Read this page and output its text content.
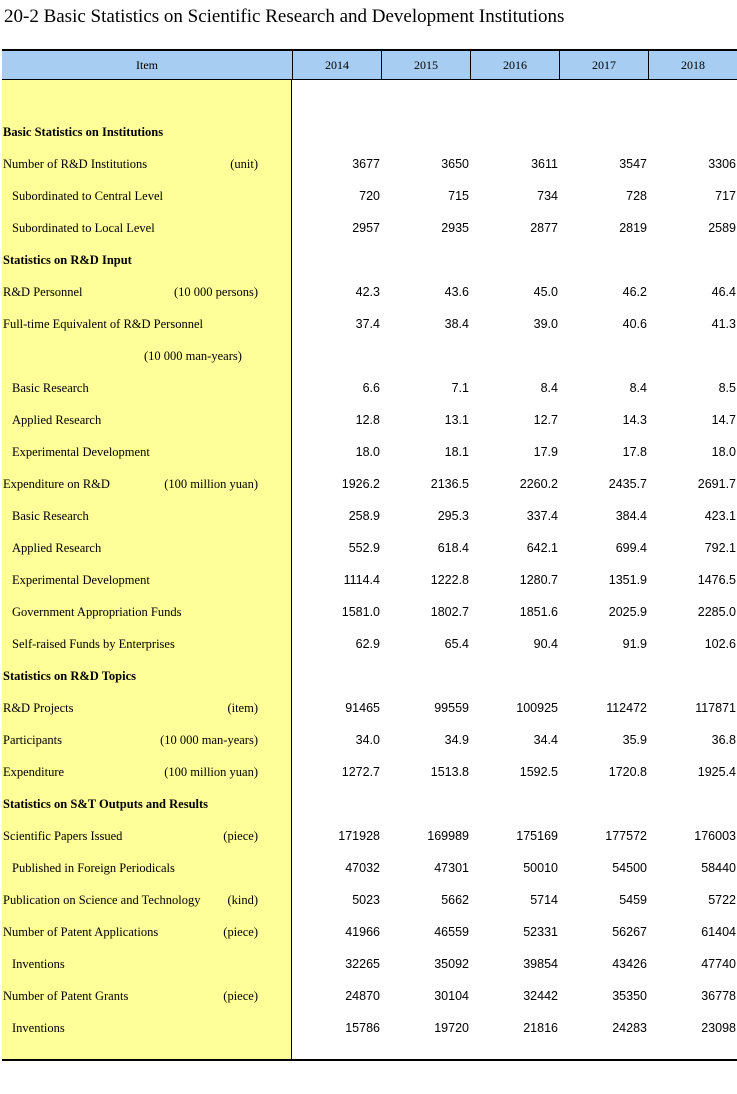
20-2 Basic Statistics on Scientific Research and Development Institutions
Item	2014	2015	2016	2017	2018
Basic Statistics on Institutions
Number of R&D Institutions	(unit)	3677	3650	3611	3547	3306
Subordinated to Central Level	720	715	734	728	717
Subordinated to Local Level	2957	2935	2877	2819	2589
Statistics on R&D Input
R&D Personnel	(10 000 persons)	42.3	43.6	45.0	46.2	46.4
Full-time Equivalent of R&D Personnel	37.4	38.4	39.0	40.6	41.3
(10 000 man-years)
Basic Research	6.6	7.1	8.4	8.4	8.5
Applied Research	12.8	13.1	12.7	14.3	14.7
Experimental Development	18.0	18.1	17.9	17.8	18.0
Expenditure on R&D	(100 million yuan)	1926.2	2136.5	2260.2	2435.7	2691.7
Basic Research	258.9	295.3	337.4	384.4	423.1
Applied Research	552.9	618.4	642.1	699.4	792.1
Experimental Development	1114.4	1222.8	1280.7	1351.9	1476.5
Government Appropriation Funds	1581.0	1802.7	1851.6	2025.9	2285.0
Self-raised Funds by Enterprises	62.9	65.4	90.4	91.9	102.6
Statistics on R&D Topics
R&D Projects	(item)	91465	99559	100925	112472	117871
Participants	(10 000 man-years)	34.0	34.9	34.4	35.9	36.8
Expenditure	(100 million yuan)	1272.7	1513.8	1592.5	1720.8	1925.4
Statistics on S&T Outputs and Results
Scientific Papers Issued	(piece)	171928	169989	175169	177572	176003
Published in Foreign Periodicals	47032	47301	50010	54500	58440
Publication on Science and Technology (kind)	5023	5662	5714	5459	5722
Number of Patent Applications	(piece)	41966	46559	52331	56267	61404
Inventions	32265	35092	39854	43426	47740
Number of Patent Grants	(piece)	24870	30104	32442	35350	36778
Inventions	15786	19720	21816	24283	23098
